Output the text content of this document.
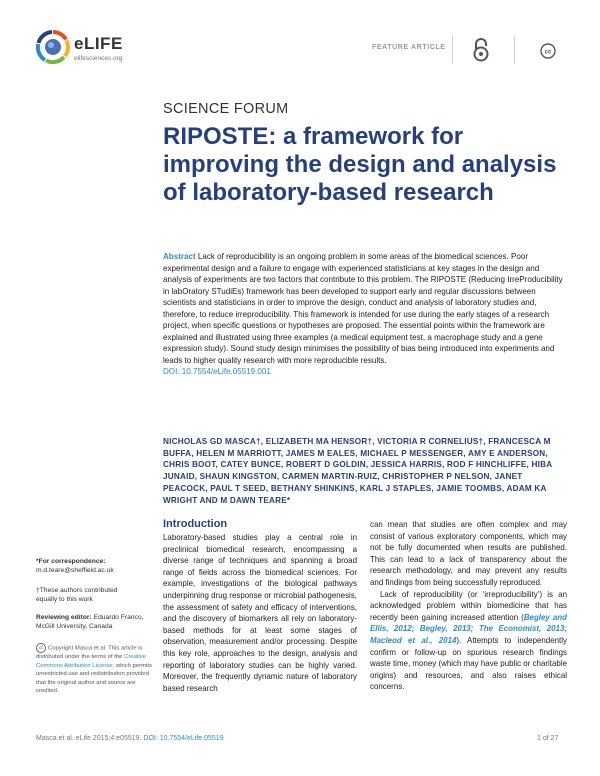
eLIFE
elifesciences.org
FEATURE ARTICLE
cc
SCIENCE FORUM
RIPOSTE: a framework for improving the design and analysis of laboratory-based research
Abstract Lack of reproducibility is an ongoing problem in some areas of the biomedical sciences. Poor experimental design and a failure to engage with experienced statisticians at key stages in the design and analysis of experiments are two factors that contribute to this problem. The RIPOSTE (Reducing IrreProducibility in labOratory STudiEs) framework has been developed to support early and regular discussions between scientists and statisticians in order to improve the design, conduct and analysis of laboratory studies and, therefore, to reduce irreproducibility. This framework is intended for use during the early stages of a research project, when specific questions or hypotheses are proposed. The essential points within the framework are explained and illustrated using three examples (a medical equipment test, a macrophage study and a gene expression study). Sound study design minimises the possibility of bias being introduced into experiments and leads to higher quality research with more reproducible results.
DOI: 10.7554/eLife.05519.001
NICHOLAS GD MASCA†, ELIZABETH MA HENSOR†, VICTORIA R CORNELIUS†, FRANCESCA M BUFFA, HELEN M MARRIOTT, JAMES M EALES, MICHAEL P MESSENGER, AMY E ANDERSON, CHRIS BOOT, CATEY BUNCE, ROBERT D GOLDIN, JESSICA HARRIS, ROD F HINCHLIFFE, HIBA JUNAID, SHAUN KINGSTON, CARMEN MARTIN-RUIZ, CHRISTOPHER P NELSON, JANET PEACOCK, PAUL T SEED, BETHANY SHINKINS, KARL J STAPLES, JAMIE TOOMBS, ADAM KA WRIGHT AND M DAWN TEARE*
*For correspondence:
m.d.teare@sheffield.ac.uk
†These authors contributed equally to this work
Reviewing editor: Eduardo Franco, McGill University, Canada
cc Copyright Masca et al. This article is distributed under the terms of the Creative Commons Attribution License, which permits unrestricted use and redistribution provided that the original author and source are credited.
Introduction

Laboratory-based studies play a central role in preclinical biomedical research, encompassing a diverse range of techniques and spanning a broad range of fields across the biomedical sciences. For example, investigations of the biological pathways underpinning drug response or microbial pathogenesis, the assessment of safety and efficacy of interventions, and the discovery of biomarkers all rely on laboratory-based methods for at least some stages of observation, measurement and/or processing. Despite this key role, approaches to the design, analysis and reporting of laboratory studies can be highly varied. Moreover, the frequently dynamic nature of laboratory based research

can mean that studies are often complex and may consist of various exploratory components, which may not be fully documented when results are published. This can lead to a lack of transparency about the research methodology, and may prevent any results and findings from being successfully reproduced.

Lack of reproducibility (or ‘irreproducibility’) is an acknowledged problem within biomedicine that has recently been gaining increased attention (Begley and Ellis, 2012; Begley, 2013; The Economist, 2013; Macleod et al., 2014). Attempts to independently confirm or follow-up on spurious research findings waste time, money (which may have public or charitable origins) and resources, and also raises ethical concerns.

Masca et al. eLife 2015;4:e05519. DOI: 10.7554/eLife.05519	1 of 27
